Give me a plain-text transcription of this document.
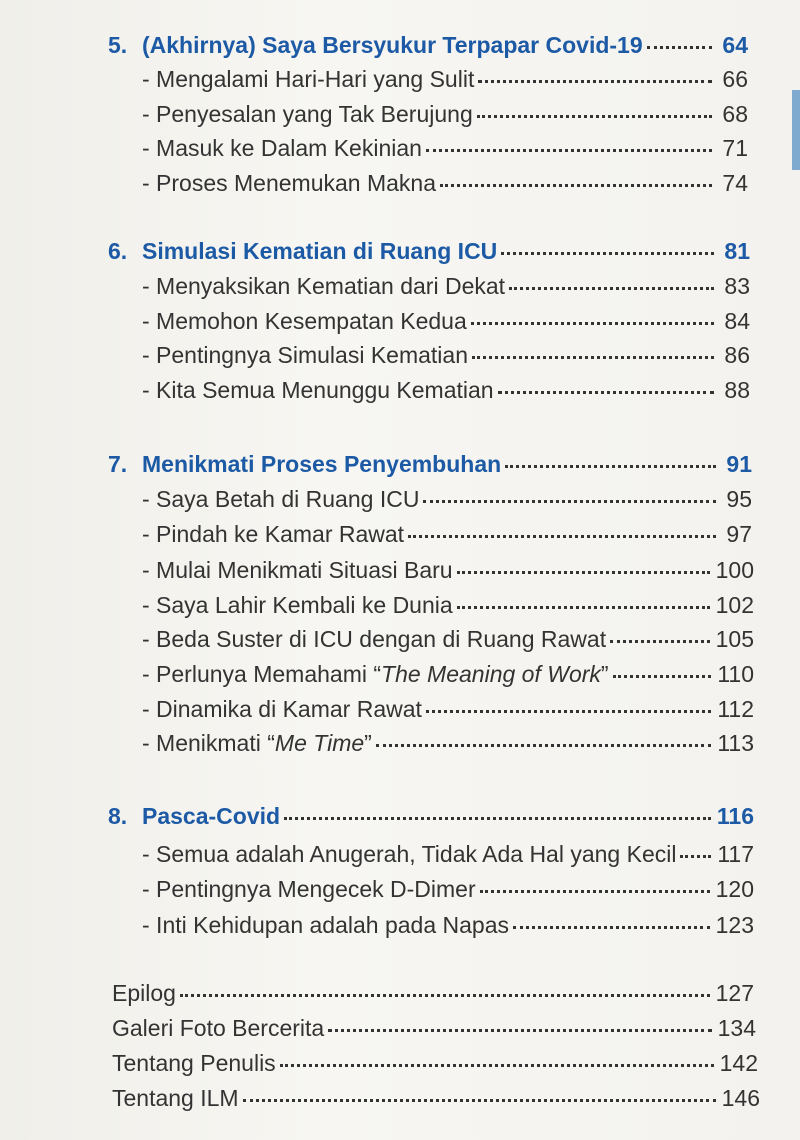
5. (Akhirnya) Saya Bersyukur Terpapar Covid-19	64
- Mengalami Hari-Hari yang Sulit	66
- Penyesalan yang Tak Berujung	68
- Masuk ke Dalam Kekinian	71
- Proses Menemukan Makna	74
6. Simulasi Kematian di Ruang ICU	81
- Menyaksikan Kematian dari Dekat	83
- Memohon Kesempatan Kedua	84
- Pentingnya Simulasi Kematian	86
- Kita Semua Menunggu Kematian	88
7. Menikmati Proses Penyembuhan	91
- Saya Betah di Ruang ICU	95
- Pindah ke Kamar Rawat	97
- Mulai Menikmati Situasi Baru	100
- Saya Lahir Kembali ke Dunia	102
- Beda Suster di ICU dengan di Ruang Rawat	105
- Perlunya Memahami “The Meaning of Work”	110
- Dinamika di Kamar Rawat	112
- Menikmati “Me Time”	113
8. Pasca-Covid	116
- Semua adalah Anugerah, Tidak Ada Hal yang Kecil 117
- Pentingnya Mengecek D-Dimer	120
- Inti Kehidupan adalah pada Napas	123
Epilog	127
Galeri Foto Bercerita	134
Tentang Penulis	142
Tentang ILM	146
